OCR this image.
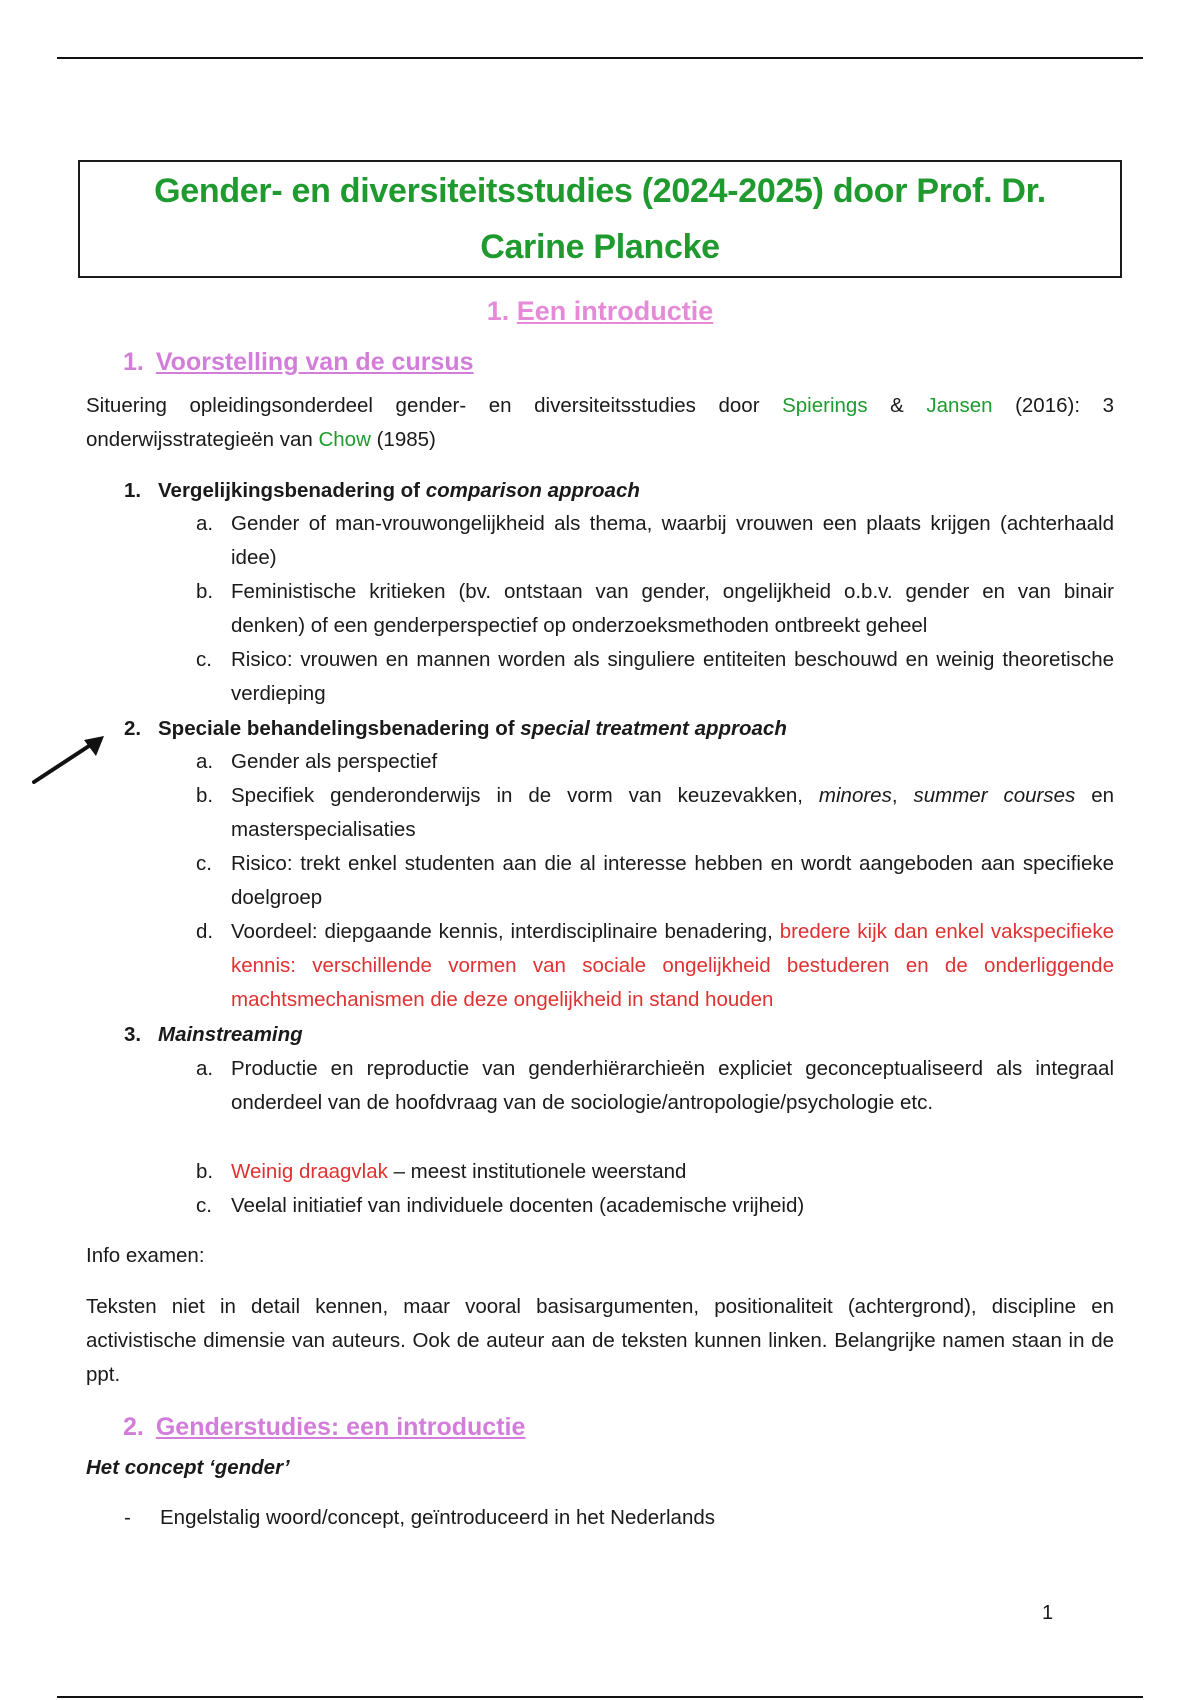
Gender- en diversiteitsstudies (2024-2025) door Prof. Dr.
Carine Plancke
1. Een introductie
1. Voorstelling van de cursus
Situering opleidingsonderdeel gender- en diversiteitsstudies door Spierings & Jansen (2016): 3 onderwijsstrategieën van Chow (1985)
1. Vergelijkingsbenadering of comparison approach
a. Gender of man-vrouwongelijkheid als thema, waarbij vrouwen een plaats krijgen (achterhaald idee)
b. Feministische kritieken (bv. ontstaan van gender, ongelijkheid o.b.v. gender en van binair denken) of een genderperspectief op onderzoeksmethoden ontbreekt geheel
c. Risico: vrouwen en mannen worden als singuliere entiteiten beschouwd en weinig theoretische verdieping
2. Speciale behandelingsbenadering of special treatment approach
a. Gender als perspectief
b. Specifiek genderonderwijs in de vorm van keuzevakken, minores, summer courses en masterspecialisaties
c. Risico: trekt enkel studenten aan die al interesse hebben en wordt aangeboden aan specifieke doelgroep
d. Voordeel: diepgaande kennis, interdisciplinaire benadering, bredere kijk dan enkel vakspecifieke kennis: verschillende vormen van sociale ongelijkheid bestuderen en de onderliggende machtsmechanismen die deze ongelijkheid in stand houden
3. Mainstreaming
a. Productie en reproductie van genderhiërarchieën expliciet geconceptualiseerd als integraal onderdeel van de hoofdvraag van de sociologie/antropologie/psychologie etc.
b. Weinig draagvlak – meest institutionele weerstand
c. Veelal initiatief van individuele docenten (academische vrijheid)
Info examen:
Teksten niet in detail kennen, maar vooral basisargumenten, positionaliteit (achtergrond), discipline en activistische dimensie van auteurs. Ook de auteur aan de teksten kunnen linken. Belangrijke namen staan in de ppt.
2. Genderstudies: een introductie
Het concept ‘gender’
- Engelstalig woord/concept, geïntroduceerd in het Nederlands
1
